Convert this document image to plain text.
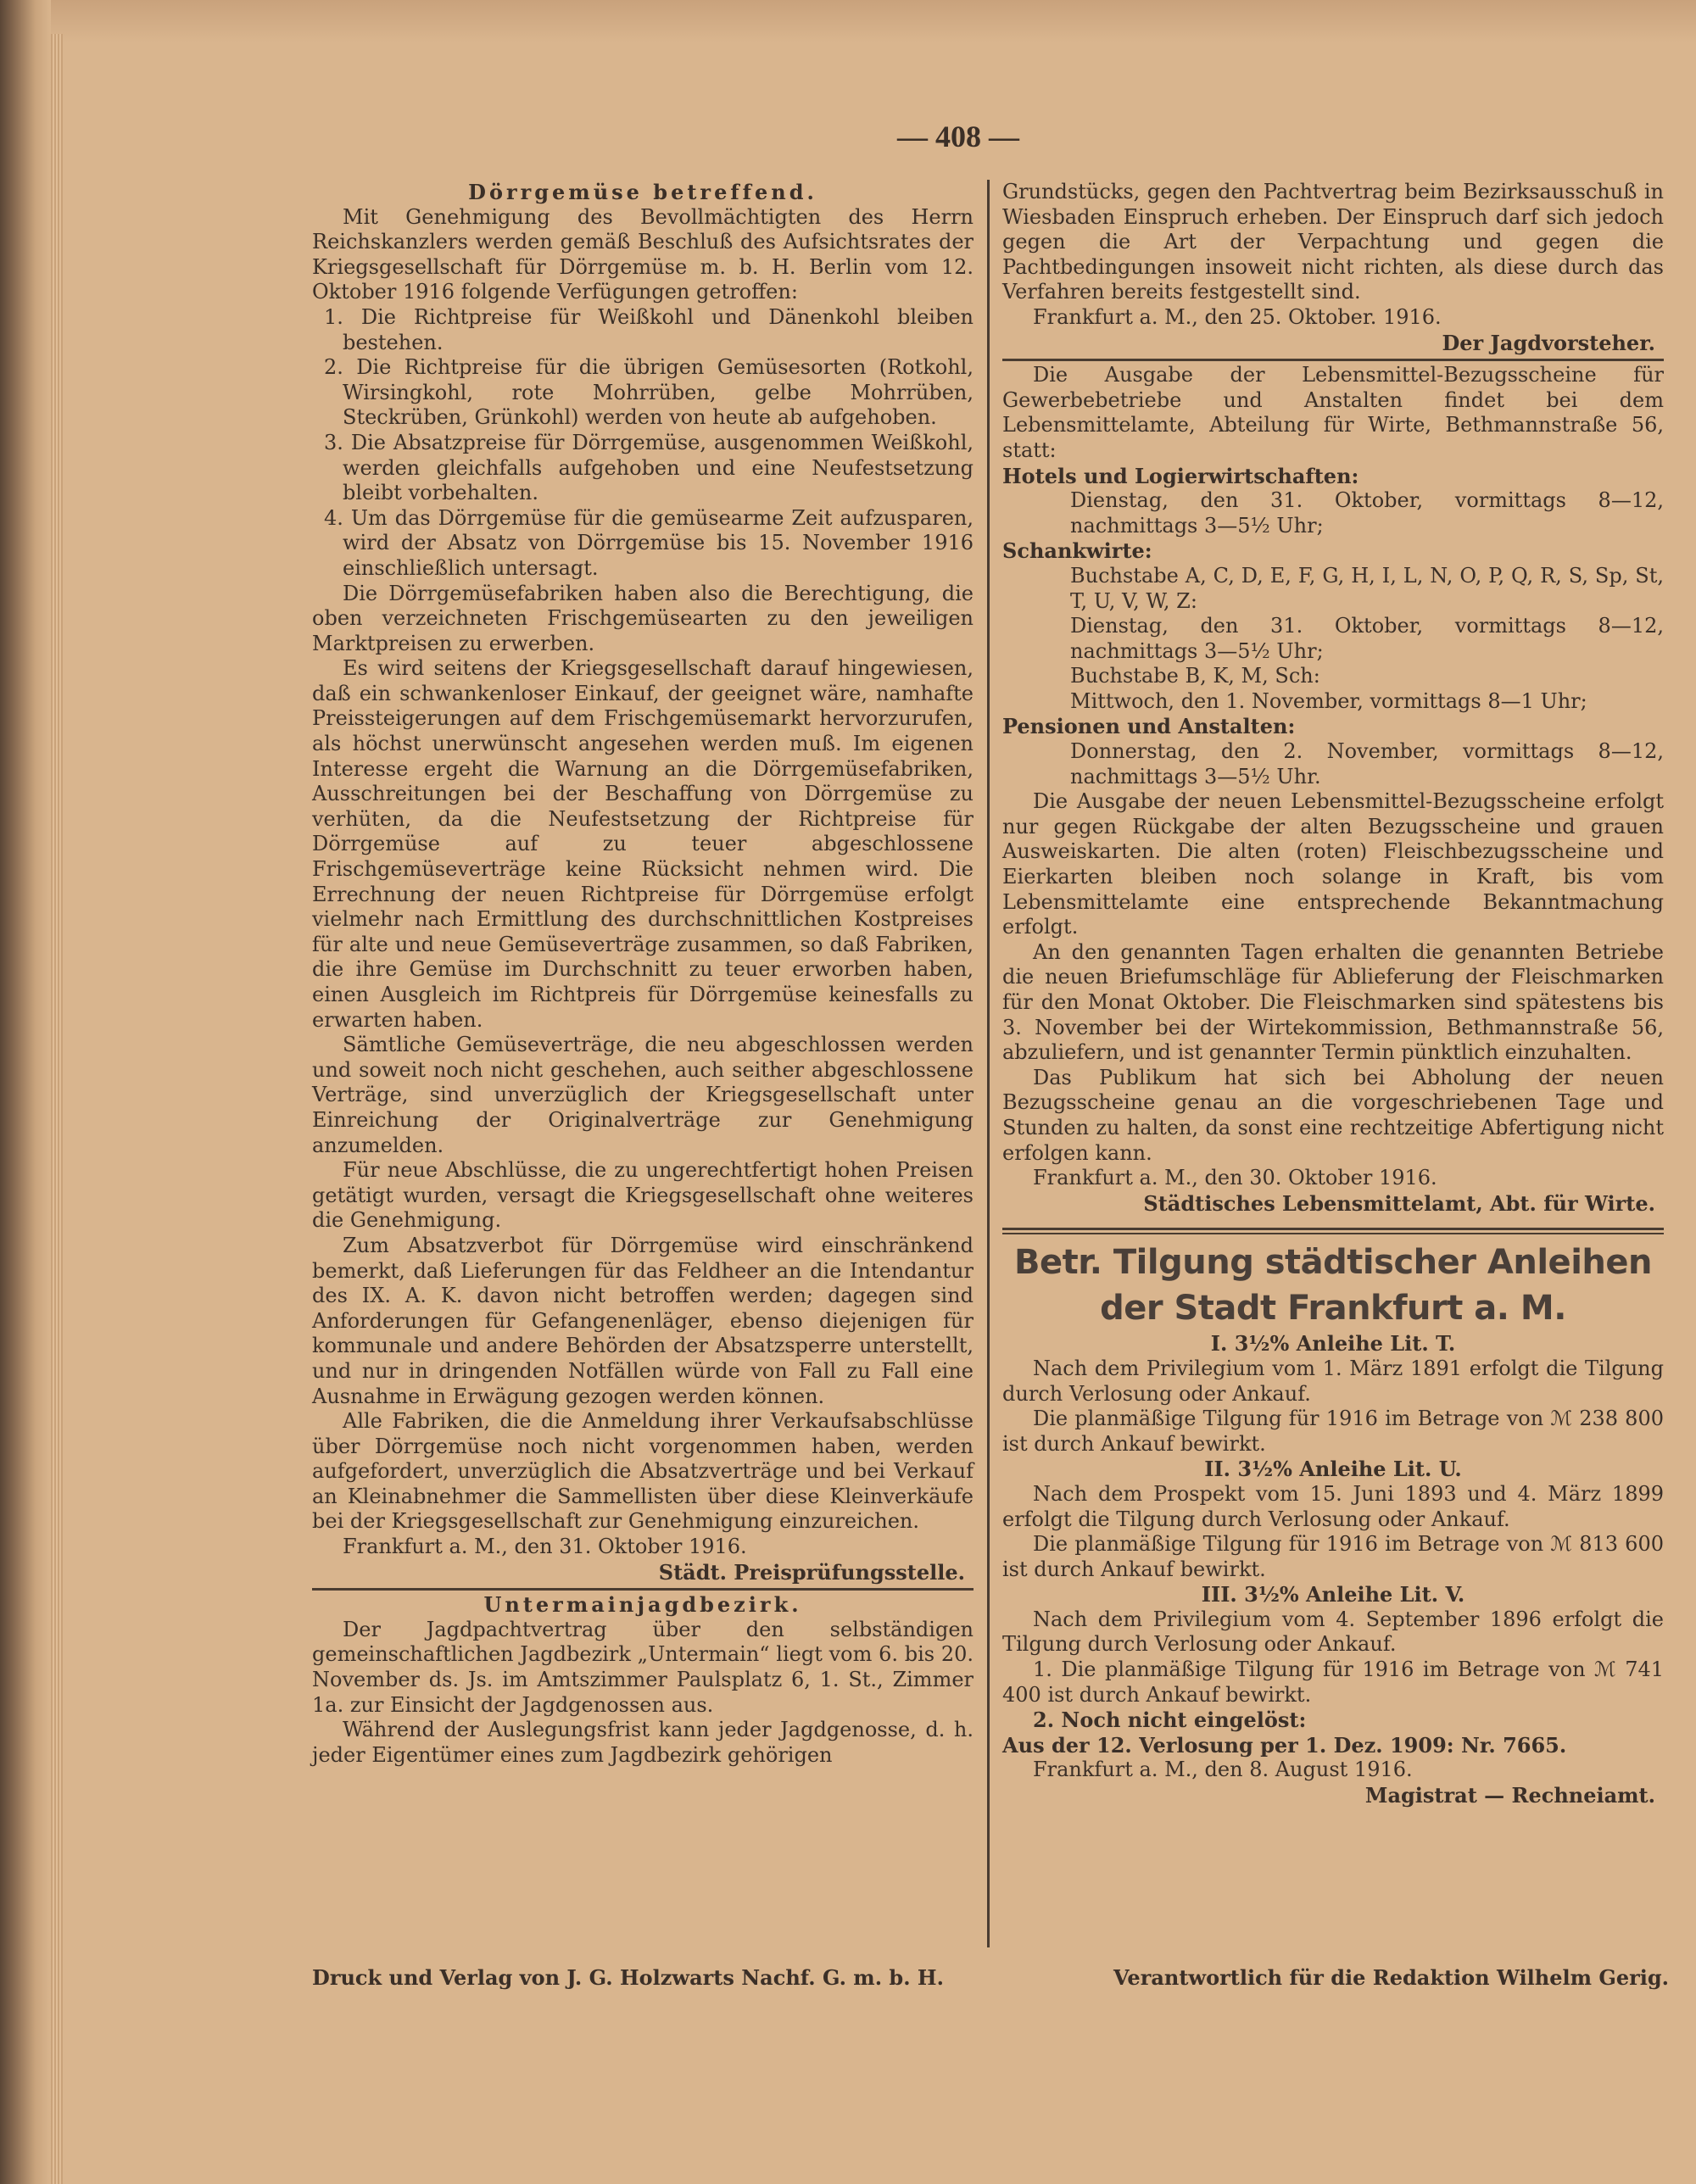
— 408 —
Dörrgemüse betreffend.

Mit Genehmigung des Bevollmächtigten des Herrn Reichskanzlers werden gemäß Beschluß des Aufsichtsrates der Kriegsgesellschaft für Dörrgemüse m. b. H. Berlin vom 12. Oktober 1916 folgende Verfügungen getroffen:

1. Die Richtpreise für Weißkohl und Dänenkohl bleiben bestehen.

2. Die Richtpreise für die übrigen Gemüsesorten (Rotkohl, Wirsingkohl, rote Mohrrüben, gelbe Mohrrüben, Steckrüben, Grünkohl) werden von heute ab aufgehoben.

3. Die Absatzpreise für Dörrgemüse, ausgenommen Weißkohl, werden gleichfalls aufgehoben und eine Neufestsetzung bleibt vorbehalten.

4. Um das Dörrgemüse für die gemüsearme Zeit aufzusparen, wird der Absatz von Dörrgemüse bis 15. November 1916 einschließlich untersagt.

Die Dörrgemüsefabriken haben also die Berechtigung, die oben verzeichneten Frischgemüsearten zu den jeweiligen Marktpreisen zu erwerben.

Es wird seitens der Kriegsgesellschaft darauf hingewiesen, daß ein schwankenloser Einkauf, der geeignet wäre, namhafte Preissteigerungen auf dem Frischgemüsemarkt hervorzurufen, als höchst unerwünscht angesehen werden muß. Im eigenen Interesse ergeht die Warnung an die Dörrgemüsefabriken, Ausschreitungen bei der Beschaffung von Dörrgemüse zu verhüten, da die Neufestsetzung der Richtpreise für Dörrgemüse auf zu teuer abgeschlossene Frischgemüseverträge keine Rücksicht nehmen wird. Die Errechnung der neuen Richtpreise für Dörrgemüse erfolgt vielmehr nach Ermittlung des durchschnittlichen Kostpreises für alte und neue Gemüseverträge zusammen, so daß Fabriken, die ihre Gemüse im Durchschnitt zu teuer erworben haben, einen Ausgleich im Richtpreis für Dörrgemüse keinesfalls zu erwarten haben.

Sämtliche Gemüseverträge, die neu abgeschlossen werden und soweit noch nicht geschehen, auch seither abgeschlossene Verträge, sind unverzüglich der Kriegsgesellschaft unter Einreichung der Originalverträge zur Genehmigung anzumelden.

Für neue Abschlüsse, die zu ungerechtfertigt hohen Preisen getätigt wurden, versagt die Kriegsgesellschaft ohne weiteres die Genehmigung.

Zum Absatzverbot für Dörrgemüse wird einschränkend bemerkt, daß Lieferungen für das Feldheer an die Intendantur des IX. A. K. davon nicht betroffen werden; dagegen sind Anforderungen für Gefangenenläger, ebenso diejenigen für kommunale und andere Behörden der Absatzsperre unterstellt, und nur in dringenden Notfällen würde von Fall zu Fall eine Ausnahme in Erwägung gezogen werden können.

Alle Fabriken, die die Anmeldung ihrer Verkaufsabschlüsse über Dörrgemüse noch nicht vorgenommen haben, werden aufgefordert, unverzüglich die Absatzverträge und bei Verkauf an Kleinabnehmer die Sammellisten über diese Kleinverkäufe bei der Kriegsgesellschaft zur Genehmigung einzureichen.

Frankfurt a. M., den 31. Oktober 1916.

Städt. Preisprüfungsstelle.
Untermainjagdbezirk.

Der Jagdpachtvertrag über den selbständigen gemeinschaftlichen Jagdbezirk „Untermain“ liegt vom 6. bis 20. November ds. Js. im Amtszimmer Paulsplatz 6, 1. St., Zimmer 1a. zur Einsicht der Jagdgenossen aus.

Während der Auslegungsfrist kann jeder Jagdgenosse, d. h. jeder Eigentümer eines zum Jagdbezirk gehörigen

Grundstücks, gegen den Pachtvertrag beim Bezirksausschuß in Wiesbaden Einspruch erheben. Der Einspruch darf sich jedoch gegen die Art der Verpachtung und gegen die Pachtbedingungen insoweit nicht richten, als diese durch das Verfahren bereits festgestellt sind.

Frankfurt a. M., den 25. Oktober. 1916.

Der Jagdvorsteher.

Die Ausgabe der Lebensmittel-Bezugsscheine für Gewerbebetriebe und Anstalten findet bei dem Lebensmittelamte, Abteilung für Wirte, Bethmannstraße 56, statt:

Hotels und Logierwirtschaften:

Dienstag, den 31. Oktober, vormittags 8—12, nachmittags 3—5½ Uhr;

Schankwirte:

Buchstabe A, C, D, E, F, G, H, I, L, N, O, P, Q, R, S, Sp, St, T, U, V, W, Z:

Dienstag, den 31. Oktober, vormittags 8—12, nachmittags 3—5½ Uhr;

Buchstabe B, K, M, Sch:

Mittwoch, den 1. November, vormittags 8—1 Uhr;

Pensionen und Anstalten:

Donnerstag, den 2. November, vormittags 8—12, nachmittags 3—5½ Uhr.

Die Ausgabe der neuen Lebensmittel-Bezugsscheine erfolgt nur gegen Rückgabe der alten Bezugsscheine und grauen Ausweiskarten. Die alten (roten) Fleischbezugsscheine und Eierkarten bleiben noch solange in Kraft, bis vom Lebensmittelamte eine entsprechende Bekanntmachung erfolgt.

An den genannten Tagen erhalten die genannten Betriebe die neuen Briefumschläge für Ablieferung der Fleischmarken für den Monat Oktober. Die Fleischmarken sind spätestens bis 3. November bei der Wirtekommission, Bethmannstraße 56, abzuliefern, und ist genannter Termin pünktlich einzuhalten.

Das Publikum hat sich bei Abholung der neuen Bezugsscheine genau an die vorgeschriebenen Tage und Stunden zu halten, da sonst eine rechtzeitige Abfertigung nicht erfolgen kann.

Frankfurt a. M., den 30. Oktober 1916.

Städtisches Lebensmittelamt, Abt. für Wirte.
Betr. Tilgung städtischer Anleihen der Stadt Frankfurt a. M.

I. 3½% Anleihe Lit. T.

Nach dem Privilegium vom 1. März 1891 erfolgt die Tilgung durch Verlosung oder Ankauf.

Die planmäßige Tilgung für 1916 im Betrage von ℳ 238 800 ist durch Ankauf bewirkt.

II. 3½% Anleihe Lit. U.

Nach dem Prospekt vom 15. Juni 1893 und 4. März 1899 erfolgt die Tilgung durch Verlosung oder Ankauf.

Die planmäßige Tilgung für 1916 im Betrage von ℳ 813 600 ist durch Ankauf bewirkt.

III. 3½% Anleihe Lit. V.

Nach dem Privilegium vom 4. September 1896 erfolgt die Tilgung durch Verlosung oder Ankauf.

1. Die planmäßige Tilgung für 1916 im Betrage von ℳ 741 400 ist durch Ankauf bewirkt.

2. Noch nicht eingelöst:

Aus der 12. Verlosung per 1. Dez. 1909: Nr. 7665.

Frankfurt a. M., den 8. August 1916.

Magistrat — Rechneiamt.
Druck und Verlag von J. G. Holzwarts Nachf. G. m. b. H.	Verantwortlich für die Redaktion Wilhelm Gerig.
